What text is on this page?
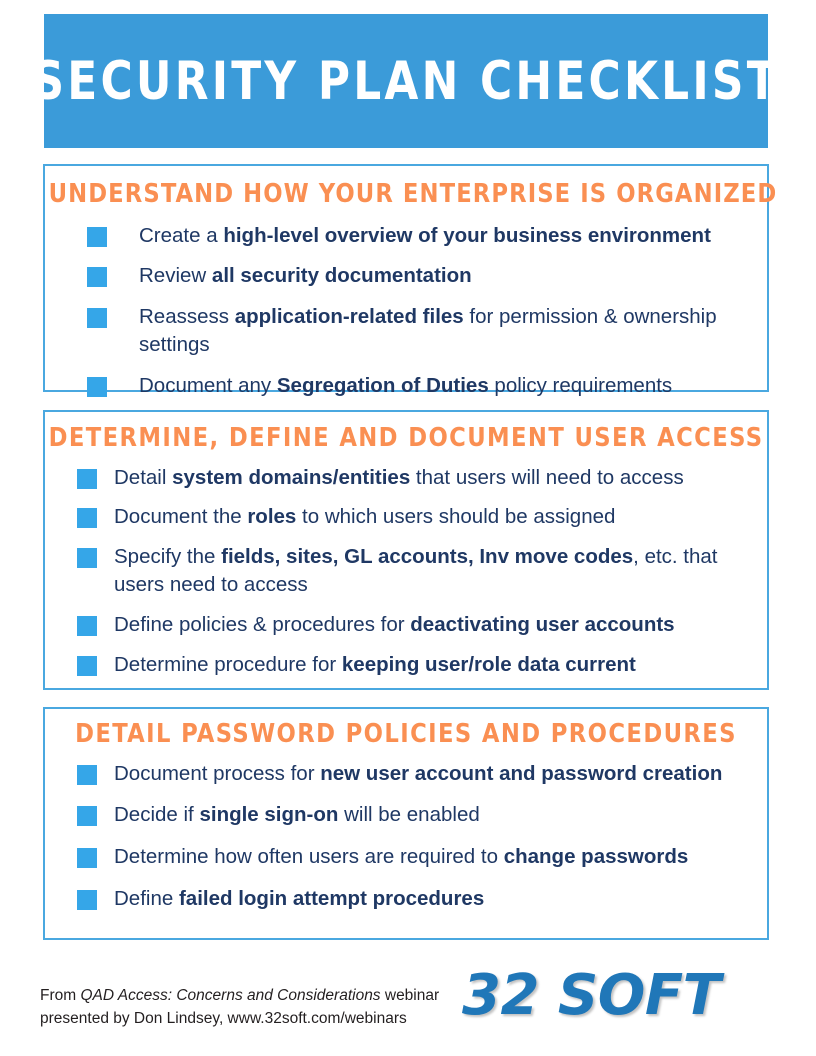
SECURITY PLAN CHECKLIST
UNDERSTAND HOW YOUR ENTERPRISE IS ORGANIZED
Create a high-level overview of your business environment
Review all security documentation
Reassess application-related files for permission & ownership settings
Document any Segregation of Duties policy requirements
DETERMINE, DEFINE AND DOCUMENT USER ACCESS
Detail system domains/entities that users will need to access
Document the roles to which users should be assigned
Specify the fields, sites, GL accounts, Inv move codes, etc. that users need to access
Define policies & procedures for deactivating user accounts
Determine procedure for keeping user/role data current
DETAIL PASSWORD POLICIES AND PROCEDURES
Document process for new user account and password creation
Decide if single sign-on will be enabled
Determine how often users are required to change passwords
Define failed login attempt procedures
From QAD Access: Concerns and Considerations webinar
presented by Don Lindsey, www.32soft.com/webinars 32 SOFT
